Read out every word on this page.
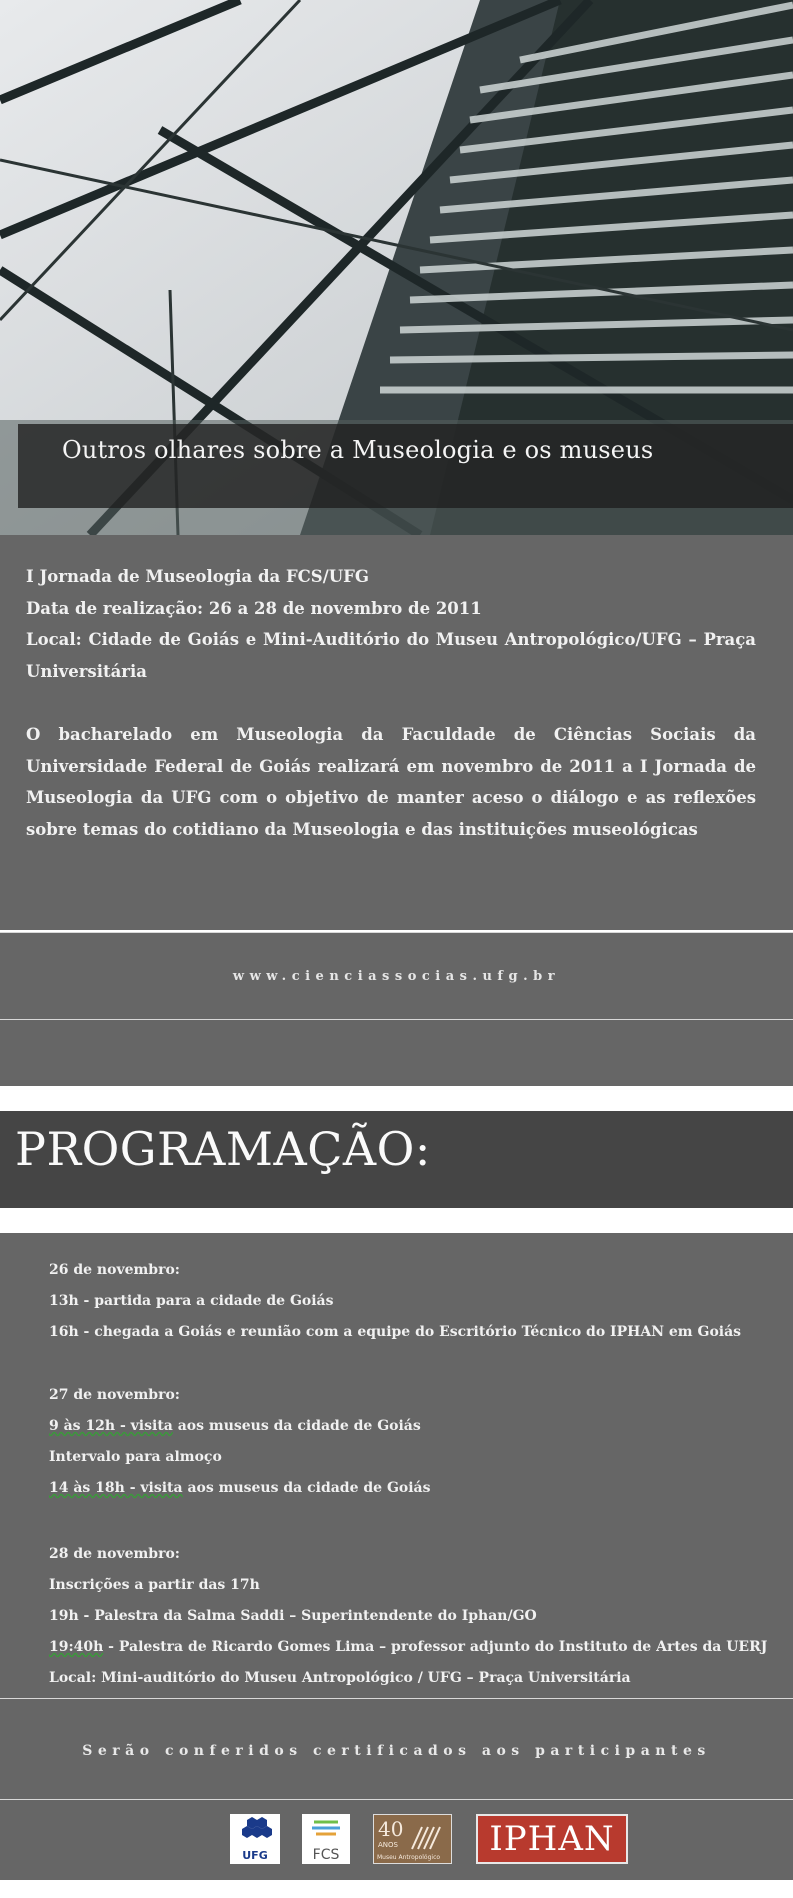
Outros olhares sobre a Museologia e os museus

I Jornada de Museologia da FCS/UFG

Data de realização: 26 a 28 de novembro de 2011

Local: Cidade de Goiás e Mini-Auditório do Museu Antropológico/UFG – Praça Universitária

O bacharelado em Museologia da Faculdade de Ciências Sociais da Universidade Federal de Goiás realizará em novembro de 2011 a I Jornada de Museologia da UFG com o objetivo de manter aceso o diálogo e as reflexões sobre temas do cotidiano da Museologia e das instituições museológicas
www.cienciassocias.ufg.br
PROGRAMAÇÃO:
26 de novembro:
13h - partida para a cidade de Goiás
16h - chegada a Goiás e reunião com a equipe do Escritório Técnico do IPHAN em Goiás
27 de novembro:
9 às 12h - visita aos museus da cidade de Goiás
Intervalo para almoço
14 às 18h - visita aos museus da cidade de Goiás
28 de novembro:
Inscrições a partir das 17h
19h - Palestra da Salma Saddi – Superintendente do Iphan/GO
19:40h - Palestra de Ricardo Gomes Lima – professor adjunto do Instituto de Artes da UERJ
Local: Mini-auditório do Museu Antropológico / UFG – Praça Universitária
Serão conferidos certificados aos participantes
UFG	FCS
40
ANOS
Museu Antropológico	IPHAN
